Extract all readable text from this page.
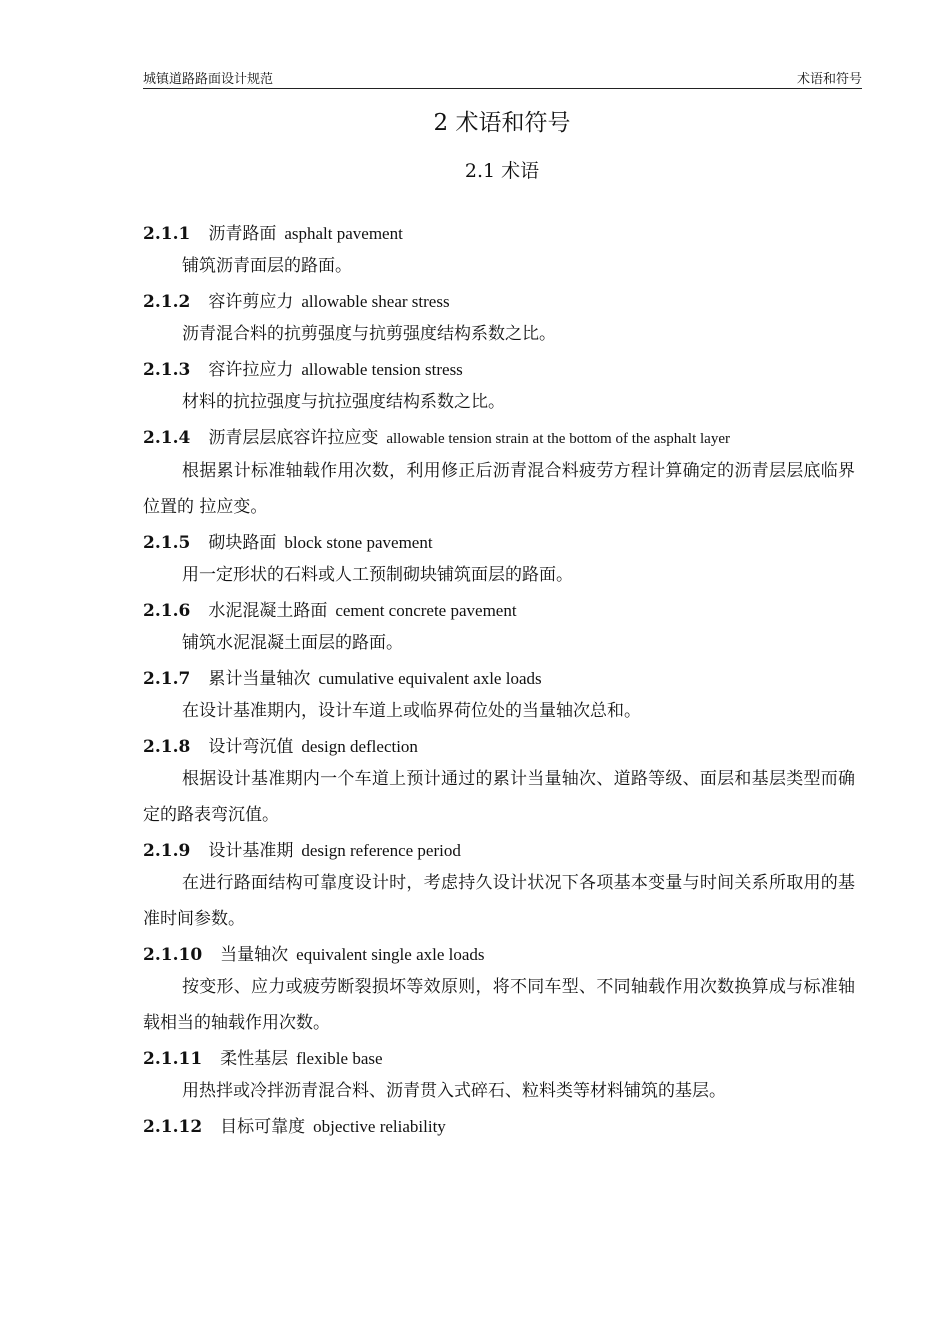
城镇道路路面设计规范	术语和符号
2 术语和符号
2.1 术语
2.1.1 沥青路面 asphalt pavement

铺筑沥青面层的路面。

2.1.2 容许剪应力 allowable shear stress

沥青混合料的抗剪强度与抗剪强度结构系数之比。

2.1.3 容许拉应力 allowable tension stress

材料的抗拉强度与抗拉强度结构系数之比。

2.1.4 沥青层层底容许拉应变 allowable tension strain at the bottom of the asphalt layer

根据累计标准轴载作用次数，利用修正后沥青混合料疲劳方程计算确定的沥青层层底临界位置的 拉应变。

2.1.5 砌块路面 block stone pavement

用一定形状的石料或人工预制砌块铺筑面层的路面。

2.1.6 水泥混凝土路面 cement concrete pavement

铺筑水泥混凝土面层的路面。

2.1.7 累计当量轴次 cumulative equivalent axle loads

在设计基准期内，设计车道上或临界荷位处的当量轴次总和。

2.1.8 设计弯沉值 design deflection

根据设计基准期内一个车道上预计通过的累计当量轴次、道路等级、面层和基层类型而确定的路表弯沉值。

2.1.9 设计基准期 design reference period

在进行路面结构可靠度设计时，考虑持久设计状况下各项基本变量与时间关系所取用的基准时间参数。

2.1.10 当量轴次 equivalent single axle loads

按变形、应力或疲劳断裂损坏等效原则，将不同车型、不同轴载作用次数换算成与标准轴载相当的轴载作用次数。

2.1.11 柔性基层 flexible base

用热拌或冷拌沥青混合料、沥青贯入式碎石、粒料类等材料铺筑的基层。

2.1.12 目标可靠度 objective reliability
